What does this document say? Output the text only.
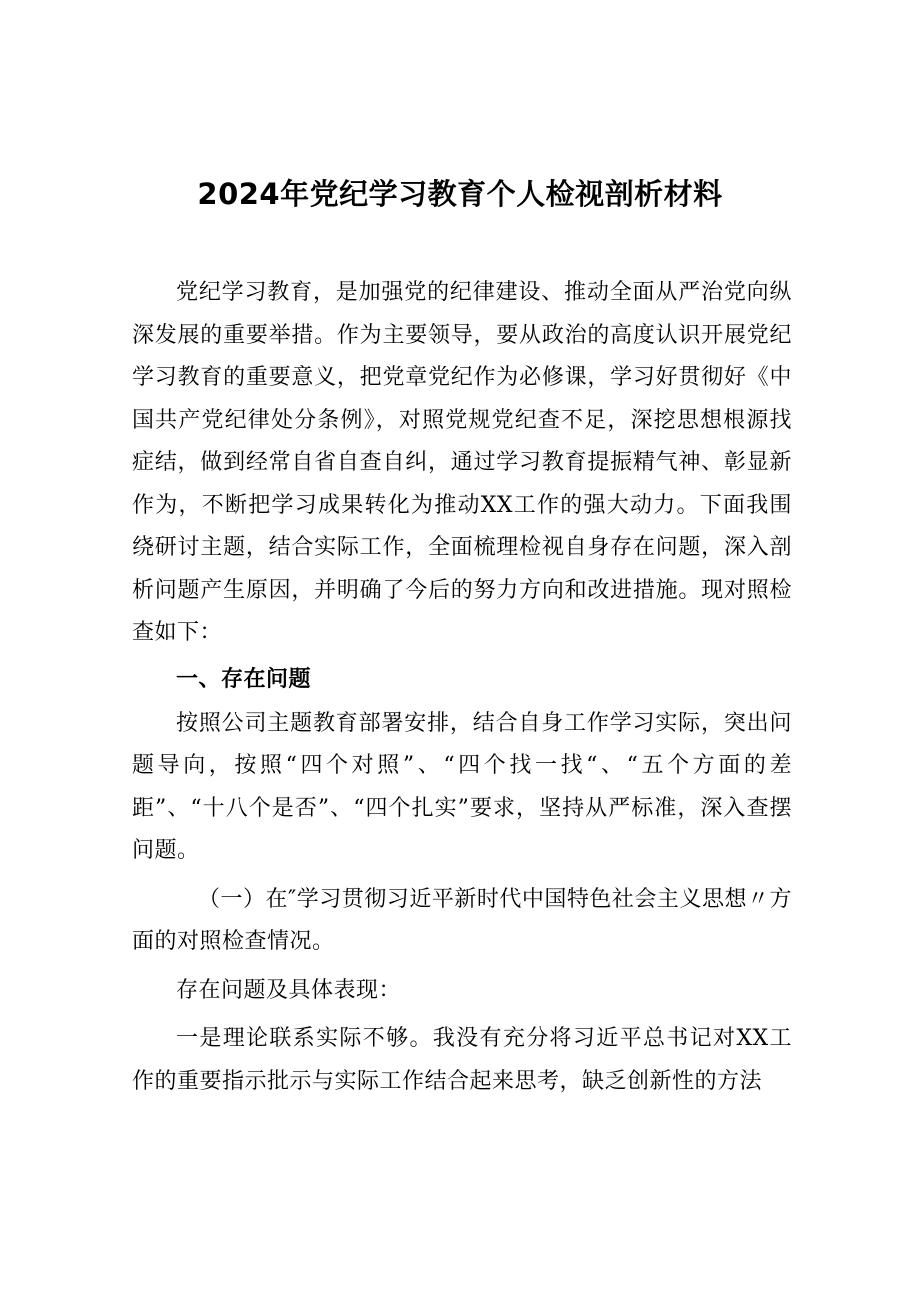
2024年党纪学习教育个人检视剖析材料

党纪学习教育，是加强党的纪律建设、推动全面从严治党向纵深发展的重要举措。作为主要领导，要从政治的高度认识开展党纪学习教育的重要意义，把党章党纪作为必修课，学习好贯彻好《中国共产党纪律处分条例》，对照党规党纪查不足，深挖思想根源找症结，做到经常自省自查自纠，通过学习教育提振精气神、彰显新作为，不断把学习成果转化为推动XX工作的强大动力。下面我围绕研讨主题，结合实际工作，全面梳理检视自身存在问题，深入剖析问题产生原因，并明确了今后的努力方向和改进措施。现对照检查如下：

一、存在问题

按照公司主题教育部署安排，结合自身工作学习实际，突出问题导向，按照“四个对照”、“四个找一找“、“五个方面的差距”、“十八个是否”、“四个扎实”要求，坚持从严标准，深入查摆问题。

（一）在″学习贯彻习近平新时代中国特色社会主义思想〃方面的对照检查情况。

存在问题及具体表现：

一是理论联系实际不够。我没有充分将习近平总书记对XX工作的重要指示批示与实际工作结合起来思考，缺乏创新性的方法
